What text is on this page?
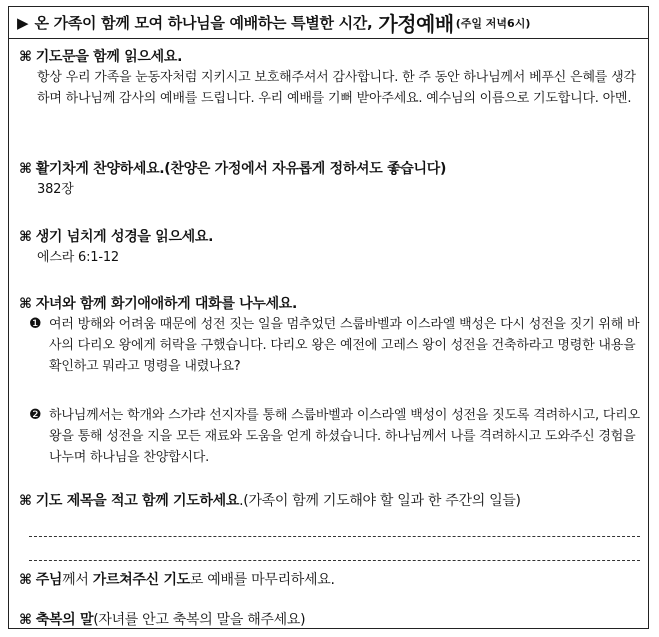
▶ 온 가족이 함께 모여 하나님을 예배하는 특별한 시간, 가정예배 (주일 저녁6시)
⌘ 기도문을 함께 읽으세요.
항상 우리 가족을 눈동자처럼 지키시고 보호해주셔서 감사합니다. 한 주 동안 하나님께서 베푸신 은혜를 생각하며 하나님께 감사의 예배를 드립니다. 우리 예배를 기뻐 받아주세요. 예수님의 이름으로 기도합니다. 아멘.
⌘ 활기차게 찬양하세요.(찬양은 가정에서 자유롭게 정하셔도 좋습니다)
382장
⌘ 생기 넘치게 성경을 읽으세요.
에스라 6:1-12
⌘ 자녀와 함께 화기애애하게 대화를 나누세요.
❶ 여러 방해와 어려움 때문에 성전 짓는 일을 멈추었던 스룹바벨과 이스라엘 백성은 다시 성전을 짓기 위해 바사의 다리오 왕에게 허락을 구했습니다. 다리오 왕은 예전에 고레스 왕이 성전을 건축하라고 명령한 내용을 확인하고 뭐라고 명령을 내렸나요?
❷ 하나님께서는 학개와 스가랴 선지자를 통해 스룹바벨과 이스라엘 백성이 성전을 짓도록 격려하시고, 다리오 왕을 통해 성전을 지을 모든 재료와 도움을 얻게 하셨습니다. 하나님께서 나를 격려하시고 도와주신 경험을 나누며 하나님을 찬양합시다.
⌘ 기도 제목을 적고 함께 기도하세요.(가족이 함께 기도해야 할 일과 한 주간의 일들)
⌘ 주님께서 가르쳐주신 기도로 예배를 마무리하세요.
⌘ 축복의 말(자녀를 안고 축복의 말을 해주세요)
